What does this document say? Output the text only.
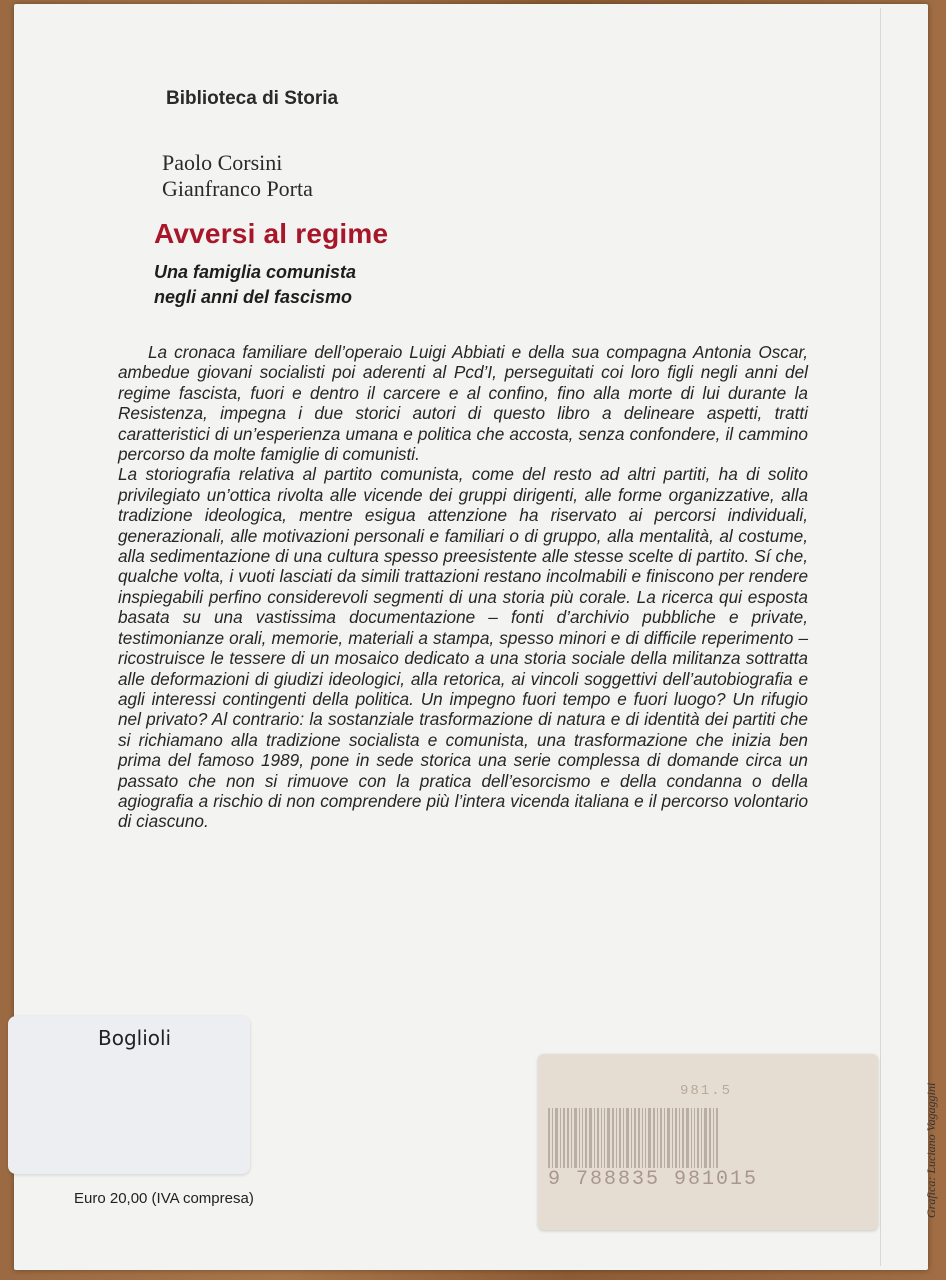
Biblioteca di Storia
Paolo Corsini
Gianfranco Porta
Avversi al regime
Una famiglia comunista
negli anni del fascismo

La cronaca familiare dell’operaio Luigi Abbiati e della sua compagna Antonia Oscar, ambedue giovani socialisti poi aderenti al Pcd’I, perseguitati coi loro figli negli anni del regime fascista, fuori e dentro il carcere e al confino, fino alla morte di lui durante la Resistenza, impegna i due storici autori di questo libro a delineare aspetti, tratti caratteristici di un’esperienza umana e politica che accosta, senza confondere, il cammino percorso da molte famiglie di comunisti.

La storiografia relativa al partito comunista, come del resto ad altri partiti, ha di solito privilegiato un’ottica rivolta alle vicende dei gruppi dirigenti, alle forme organizzative, alla tradizione ideologica, mentre esigua attenzione ha riservato ai percorsi individuali, generazionali, alle motivazioni personali e familiari o di gruppo, alla mentalità, al costume, alla sedimentazione di una cultura spesso preesistente alle stesse scelte di partito. Sí che, qualche volta, i vuoti lasciati da simili trattazioni restano incolmabili e finiscono per rendere inspiegabili perfino considerevoli segmenti di una storia più corale. La ricerca qui esposta basata su una vastissima documentazione – fonti d’archivio pubbliche e private, testimonianze orali, memorie, materiali a stampa, spesso minori e di difficile reperimento – ricostruisce le tessere di un mosaico dedicato a una storia sociale della militanza sottratta alle deformazioni di giudizi ideologici, alla retorica, ai vincoli soggettivi dell’autobiografia e agli interessi contingenti della politica. Un impegno fuori tempo e fuori luogo? Un rifugio nel privato? Al contrario: la sostanziale trasformazione di natura e di identità dei partiti che si richiamano alla tradizione socialista e comunista, una trasformazione che inizia ben prima del famoso 1989, pone in sede storica una serie complessa di domande circa un passato che non si rimuove con la pratica dell’esorcismo e della condanna o della agiografia a rischio di non comprendere più l’intera vicenda italiana e il percorso volontario di ciascuno.

Boglioli
Euro 20,00 (IVA compresa)
981.5
9 788835 981015	Grafica: Luciano Vagaggini
